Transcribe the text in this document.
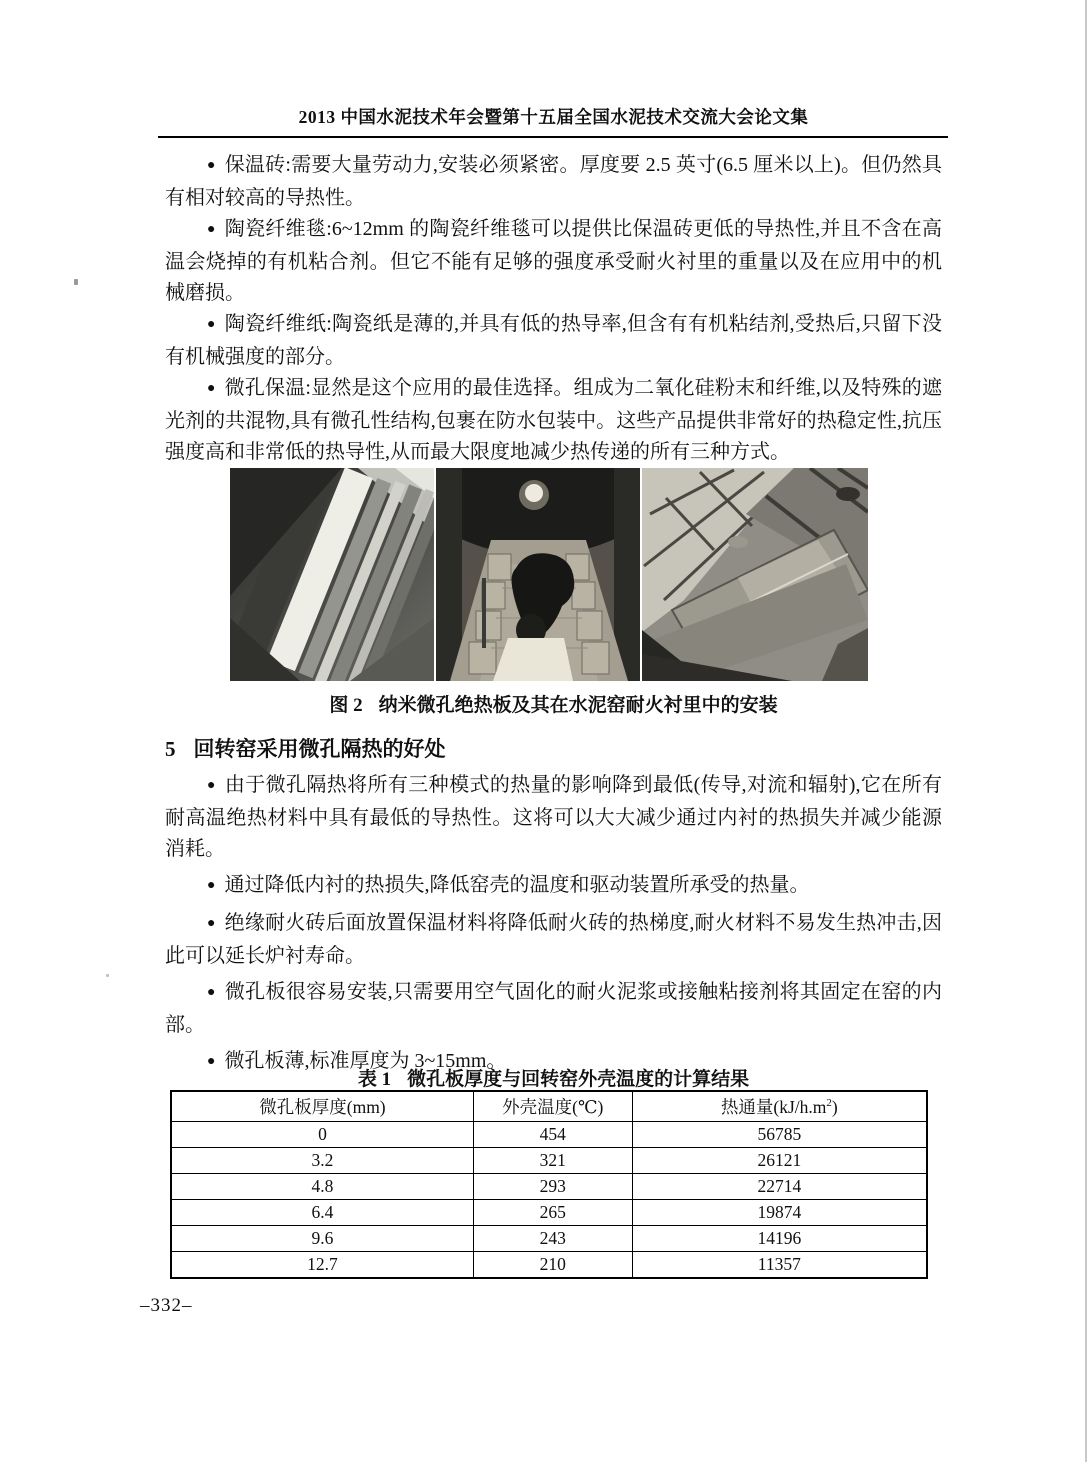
2013 中国水泥技术年会暨第十五届全国水泥技术交流大会论文集

● 保温砖:需要大量劳动力,安装必须紧密。厚度要 2.5 英寸(6.5 厘米以上)。但仍然具有相对较高的导热性。

● 陶瓷纤维毯:6~12mm 的陶瓷纤维毯可以提供比保温砖更低的导热性,并且不含在高温会烧掉的有机粘合剂。但它不能有足够的强度承受耐火衬里的重量以及在应用中的机械磨损。

● 陶瓷纤维纸:陶瓷纸是薄的,并具有低的热导率,但含有有机粘结剂,受热后,只留下没有机械强度的部分。

● 微孔保温:显然是这个应用的最佳选择。组成为二氧化硅粉末和纤维,以及特殊的遮光剂的共混物,具有微孔性结构,包裹在防水包装中。这些产品提供非常好的热稳定性,抗压强度高和非常低的热导性,从而最大限度地减少热传递的所有三种方式。

图 2 纳米微孔绝热板及其在水泥窑耐火衬里中的安装
5 回转窑采用微孔隔热的好处

● 由于微孔隔热将所有三种模式的热量的影响降到最低(传导,对流和辐射),它在所有耐高温绝热材料中具有最低的导热性。这将可以大大减少通过内衬的热损失并减少能源消耗。

● 通过降低内衬的热损失,降低窑壳的温度和驱动装置所承受的热量。

● 绝缘耐火砖后面放置保温材料将降低耐火砖的热梯度,耐火材料不易发生热冲击,因此可以延长炉衬寿命。

● 微孔板很容易安装,只需要用空气固化的耐火泥浆或接触粘接剂将其固定在窑的内部。

● 微孔板薄,标准厚度为 3~15mm。

表 1 微孔板厚度与回转窑外壳温度的计算结果
微孔板厚度(mm)	外壳温度(℃)	热通量$(kJ/h.m^2)$
0	454	56785
3.2	321	26121
4.8	293	22714
6.4	265	19874
9.6	243	14196
12.7	210	11357
–332–
